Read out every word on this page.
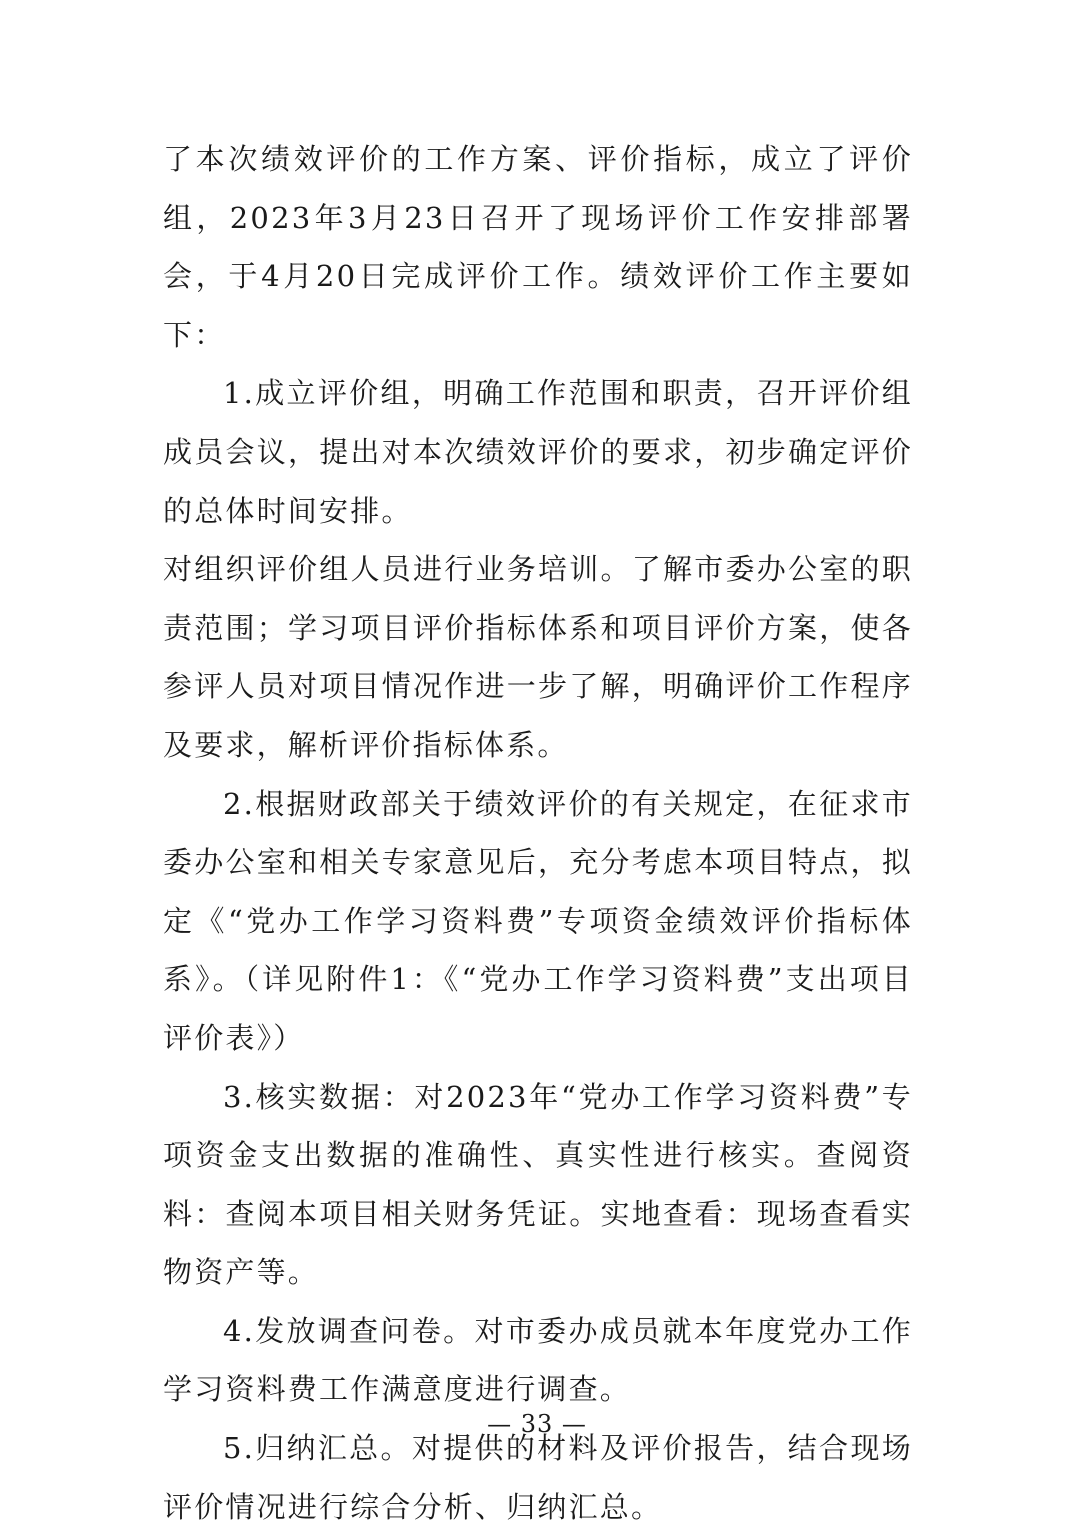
了本次绩效评价的工作方案、评价指标，成立了评价组，2023年3月23日召开了现场评价工作安排部署会，于4月20日完成评价工作。绩效评价工作主要如下：

1.成立评价组，明确工作范围和职责，召开评价组成员会议，提出对本次绩效评价的要求，初步确定评价的总体时间安排。

对组织评价组人员进行业务培训。了解市委办公室的职责范围；学习项目评价指标体系和项目评价方案，使各参评人员对项目情况作进一步了解，明确评价工作程序及要求，解析评价指标体系。

2.根据财政部关于绩效评价的有关规定，在征求市委办公室和相关专家意见后，充分考虑本项目特点，拟定《“党办工作学习资料费”专项资金绩效评价指标体系》。（详见附件1：《“党办工作学习资料费”支出项目评价表》）

3.核实数据：对2023年“党办工作学习资料费”专项资金支出数据的准确性、真实性进行核实。查阅资料：查阅本项目相关财务凭证。实地查看：现场查看实物资产等。

4.发放调查问卷。对市委办成员就本年度党办工作学习资料费工作满意度进行调查。

5.归纳汇总。对提供的材料及评价报告，结合现场评价情况进行综合分析、归纳汇总。

— 33 —
